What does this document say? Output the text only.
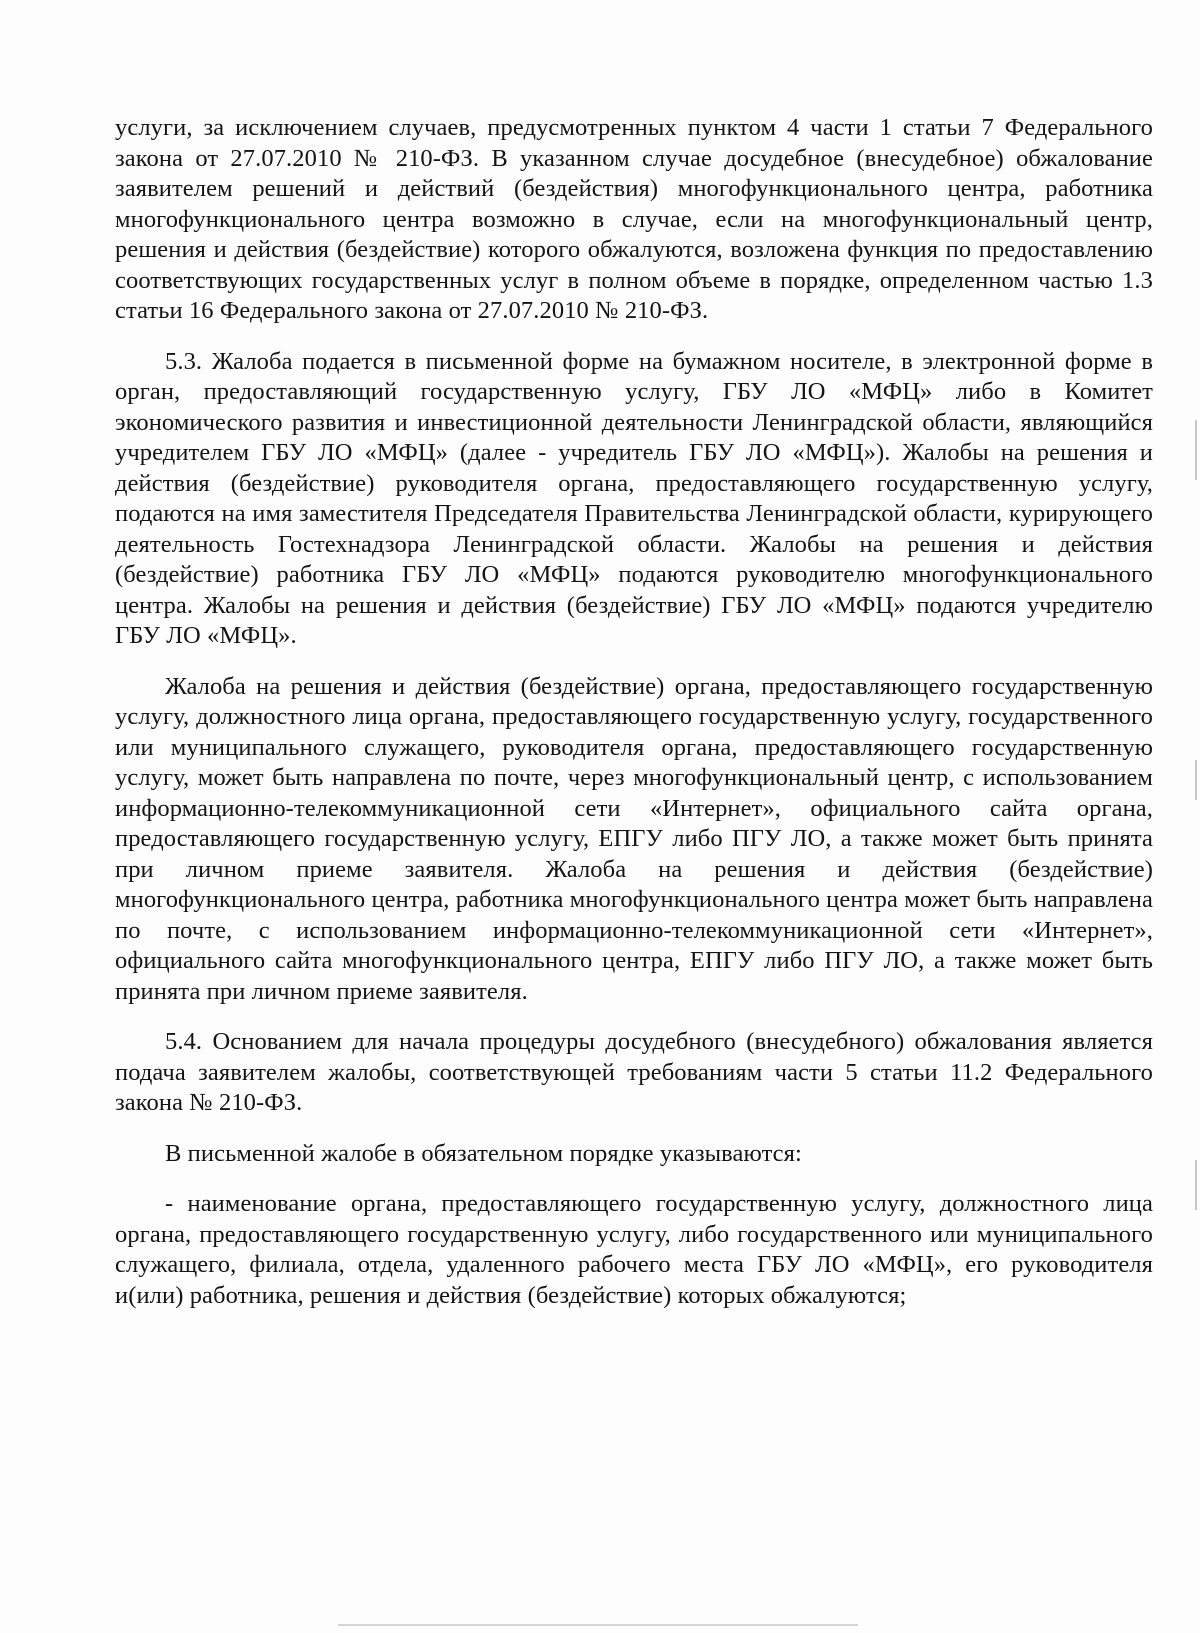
услуги, за исключением случаев, предусмотренных пунктом 4 части 1 статьи 7 Федерального закона от 27.07.2010 № 210-ФЗ. В указанном случае досудебное (внесудебное) обжалование заявителем решений и действий (бездействия) многофункционального центра, работника многофункционального центра возможно в случае, если на многофункциональный центр, решения и действия (бездействие) которого обжалуются, возложена функция по предоставлению соответствующих государственных услуг в полном объеме в порядке, определенном частью 1.3 статьи 16 Федерального закона от 27.07.2010 № 210-ФЗ.

5.3. Жалоба подается в письменной форме на бумажном носителе, в электронной форме в орган, предоставляющий государственную услугу, ГБУ ЛО «МФЦ» либо в Комитет экономического развития и инвестиционной деятельности Ленинградской области, являющийся учредителем ГБУ ЛО «МФЦ» (далее - учредитель ГБУ ЛО «МФЦ»). Жалобы на решения и действия (бездействие) руководителя органа, предоставляющего государственную услугу, подаются на имя заместителя Председателя Правительства Ленинградской области, курирующего деятельность Гостехнадзора Ленинградской области. Жалобы на решения и действия (бездействие) работника ГБУ ЛО «МФЦ» подаются руководителю многофункционального центра. Жалобы на решения и действия (бездействие) ГБУ ЛО «МФЦ» подаются учредителю ГБУ ЛО «МФЦ».

Жалоба на решения и действия (бездействие) органа, предоставляющего государственную услугу, должностного лица органа, предоставляющего государственную услугу, государственного или муниципального служащего, руководителя органа, предоставляющего государственную услугу, может быть направлена по почте, через многофункциональный центр, с использованием информационно-телекоммуникационной сети «Интернет», официального сайта органа, предоставляющего государственную услугу, ЕПГУ либо ПГУ ЛО, а также может быть принята при личном приеме заявителя. Жалоба на решения и действия (бездействие) многофункционального центра, работника многофункционального центра может быть направлена по почте, с использованием информационно-телекоммуникационной сети «Интернет», официального сайта многофункционального центра, ЕПГУ либо ПГУ ЛО, а также может быть принята при личном приеме заявителя.

5.4. Основанием для начала процедуры досудебного (внесудебного) обжалования является подача заявителем жалобы, соответствующей требованиям части 5 статьи 11.2 Федерального закона № 210-ФЗ.

В письменной жалобе в обязательном порядке указываются:

- наименование органа, предоставляющего государственную услугу, должностного лица органа, предоставляющего государственную услугу, либо государственного или муниципального служащего, филиала, отдела, удаленного рабочего места ГБУ ЛО «МФЦ», его руководителя и(или) работника, решения и действия (бездействие) которых обжалуются;
